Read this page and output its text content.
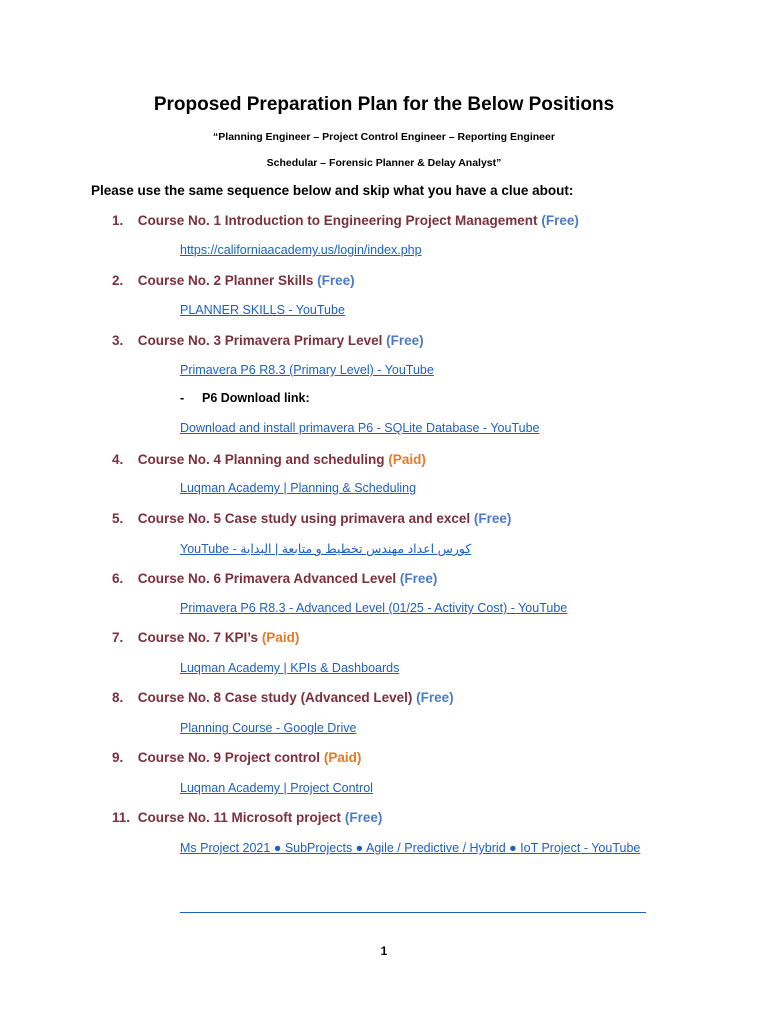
Proposed Preparation Plan for the Below Positions
“Planning Engineer – Project Control Engineer – Reporting Engineer
Schedular – Forensic Planner & Delay Analyst”
Please use the same sequence below and skip what you have a clue about:
1. Course No. 1 Introduction to Engineering Project Management (Free)
https://californiaacademy.us/login/index.php
2. Course No. 2 Planner Skills (Free)
PLANNER SKILLS - YouTube
3. Course No. 3 Primavera Primary Level (Free)
Primavera P6 R8.3 (Primary Level) - YouTube
- P6 Download link:
Download and install primavera P6 - SQLite Database - YouTube
4. Course No. 4 Planning and scheduling (Paid)
Luqman Academy | Planning & Scheduling
5. Course No. 5 Case study using primavera and excel (Free)
كورس اعداد مهندس تخطيط و متابعة | البداية - YouTube
6. Course No. 6 Primavera Advanced Level (Free)
Primavera P6 R8.3 - Advanced Level (01/25 - Activity Cost) - YouTube
7. Course No. 7 KPI’s (Paid)
Luqman Academy | KPIs & Dashboards
8. Course No. 8 Case study (Advanced Level) (Free)
Planning Course - Google Drive
9. Course No. 9 Project control (Paid)
Luqman Academy | Project Control
11. Course No. 11 Microsoft project (Free)
Ms Project 2021 ● SubProjects ● Agile / Predictive / Hybrid ● IoT Project - YouTube
1
